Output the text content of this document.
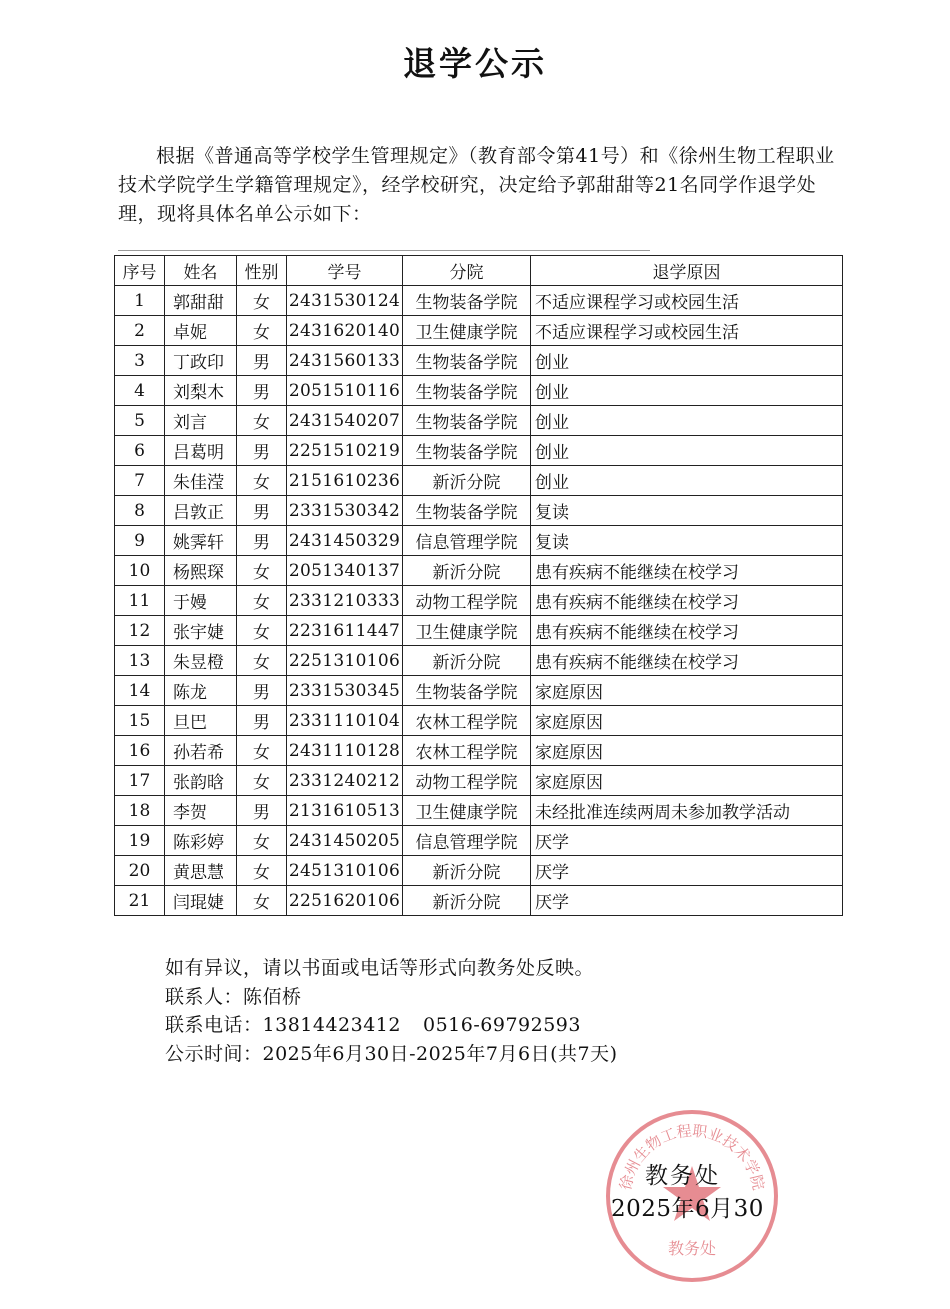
退学公示
根据《普通高等学校学生管理规定》（教育部令第41号）和《徐州生物工程职业技术学院学生学籍管理规定》，经学校研究，决定给予郭甜甜等21名同学作退学处理，现将具体名单公示如下：
序号	姓名	性别	学号	分院	退学原因
1	郭甜甜	女	2431530124	生物装备学院	不适应课程学习或校园生活
2	卓妮	女	2431620140	卫生健康学院	不适应课程学习或校园生活
3	丁政印	男	2431560133	生物装备学院	创业
4	刘梨木	男	2051510116	生物装备学院	创业
5	刘言	女	2431540207	生物装备学院	创业
6	吕葛明	男	2251510219	生物装备学院	创业
7	朱佳滢	女	2151610236	新沂分院	创业
8	吕敦正	男	2331530342	生物装备学院	复读
9	姚霁轩	男	2431450329	信息管理学院	复读
10	杨熙琛	女	2051340137	新沂分院	患有疾病不能继续在校学习
11	于嫚	女	2331210333	动物工程学院	患有疾病不能继续在校学习
12	张宇婕	女	2231611447	卫生健康学院	患有疾病不能继续在校学习
13	朱昱橙	女	2251310106	新沂分院	患有疾病不能继续在校学习
14	陈龙	男	2331530345	生物装备学院	家庭原因
15	旦巴	男	2331110104	农林工程学院	家庭原因
16	孙若希	女	2431110128	农林工程学院	家庭原因
17	张韵晗	女	2331240212	动物工程学院	家庭原因
18	李贺	男	2131610513	卫生健康学院	未经批准连续两周未参加教学活动
19	陈彩婷	女	2431450205	信息管理学院	厌学
20	黄思慧	女	2451310106	新沂分院	厌学
21	闫琨婕	女	2251620106	新沂分院	厌学
如有异议，请以书面或电话等形式向教务处反映。
联系人：陈佰桥
联系电话：13814423412 0516-69792593
公示时间：2025年6月30日-2025年7月6日(共7天)
徐州生物工程职业技术学院
教务处
教务处
2025年6月30
